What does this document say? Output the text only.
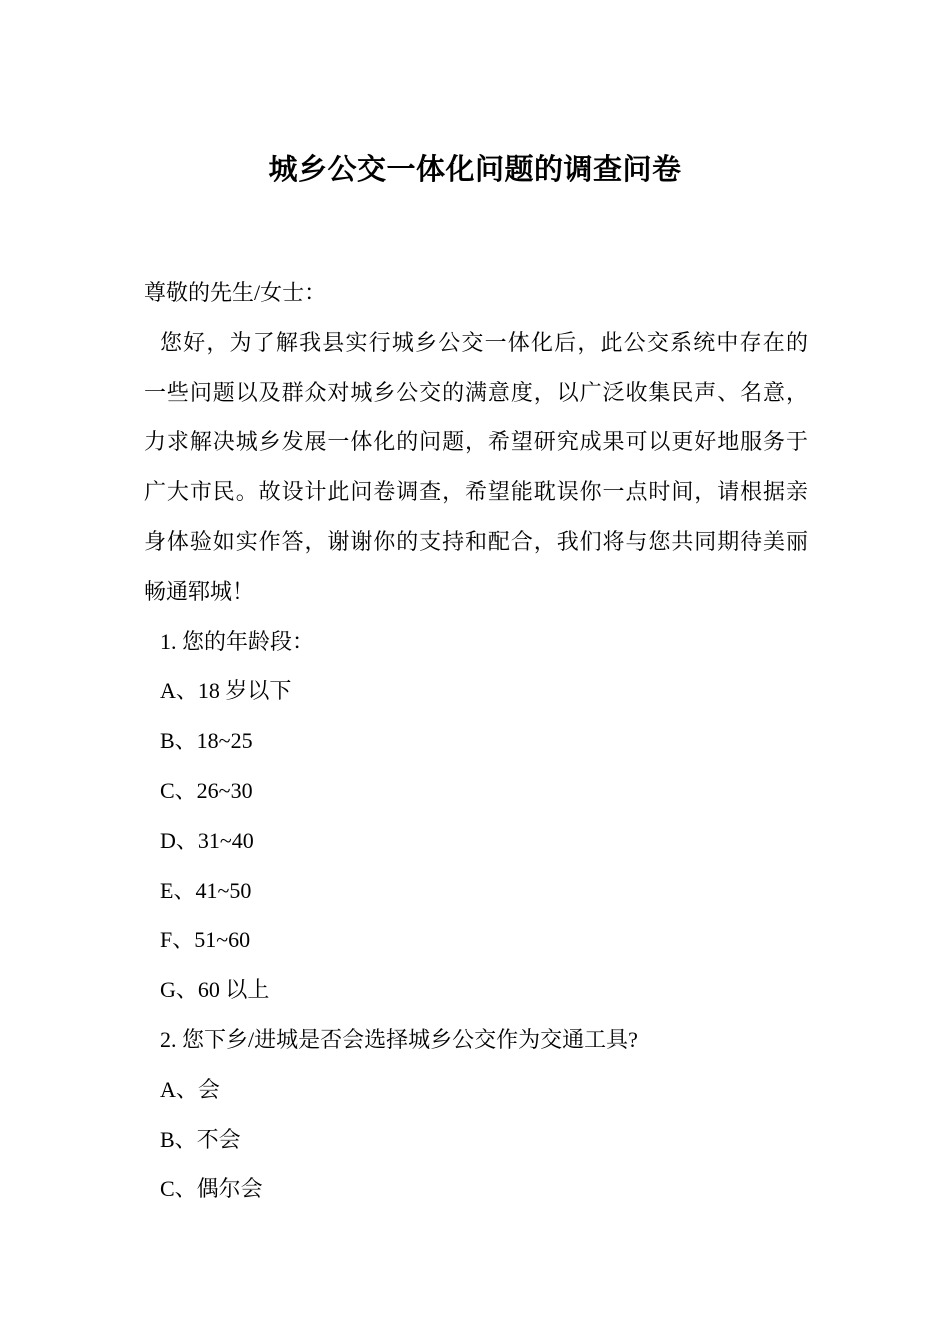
城乡公交一体化问题的调查问卷
尊敬的先生/女士：
您好，为了解我县实行城乡公交一体化后，此公交系统中存在的
一些问题以及群众对城乡公交的满意度，以广泛收集民声、名意，
力求解决城乡发展一体化的问题，希望研究成果可以更好地服务于
广大市民。故设计此问卷调查，希望能耽误你一点时间，请根据亲
身体验如实作答，谢谢你的支持和配合，我们将与您共同期待美丽
畅通郓城！
1. 您的年龄段：
A、18 岁以下
B、18~25
C、26~30
D、31~40
E、41~50
F、51~60
G、60 以上
2. 您下乡/进城是否会选择城乡公交作为交通工具?
A、会
B、不会
C、偶尔会
